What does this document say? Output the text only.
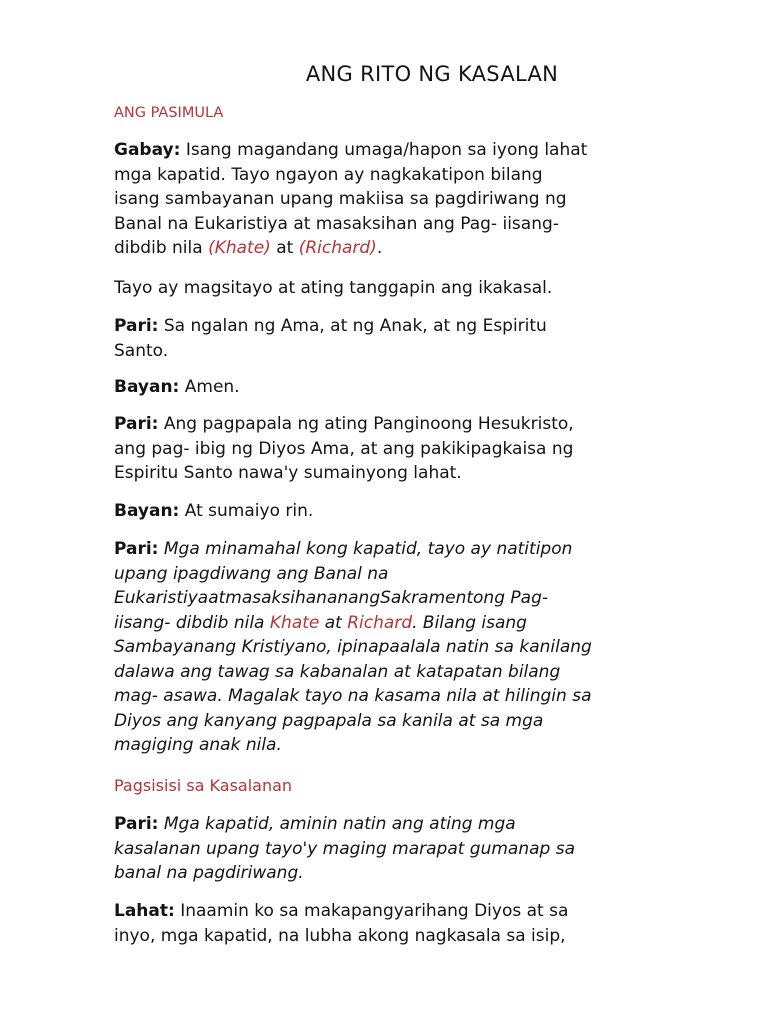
ANG RITO NG KASALAN
ANG PASIMULA
Gabay: Isang magandang umaga/hapon sa iyong lahat
mga kapatid. Tayo ngayon ay nagkakatipon bilang
isang sambayanan upang makiisa sa pagdiriwang ng
Banal na Eukaristiya at masaksihan ang Pag- iisang-
dibdib nila (Khate) at (Richard).
Tayo ay magsitayo at ating tanggapin ang ikakasal.
Pari: Sa ngalan ng Ama, at ng Anak, at ng Espiritu
Santo.
Bayan: Amen.
Pari: Ang pagpapala ng ating Panginoong Hesukristo,
ang pag- ibig ng Diyos Ama, at ang pakikipagkaisa ng
Espiritu Santo nawa'y sumainyong lahat.
Bayan: At sumaiyo rin.
Pari: Mga minamahal kong kapatid, tayo ay natitipon
upang ipagdiwang ang Banal na
EukaristiyaatmasaksihananangSakramentong Pag-
iisang- dibdib nila Khate at Richard. Bilang isang
Sambayanang Kristiyano, ipinapaalala natin sa kanilang
dalawa ang tawag sa kabanalan at katapatan bilang
mag- asawa. Magalak tayo na kasama nila at hilingin sa
Diyos ang kanyang pagpapala sa kanila at sa mga
magiging anak nila.
Pagsisisi sa Kasalanan
Pari: Mga kapatid, aminin natin ang ating mga
kasalanan upang tayo'y maging marapat gumanap sa
banal na pagdiriwang.
Lahat: Inaamin ko sa makapangyarihang Diyos at sa
inyo, mga kapatid, na lubha akong nagkasala sa isip,
